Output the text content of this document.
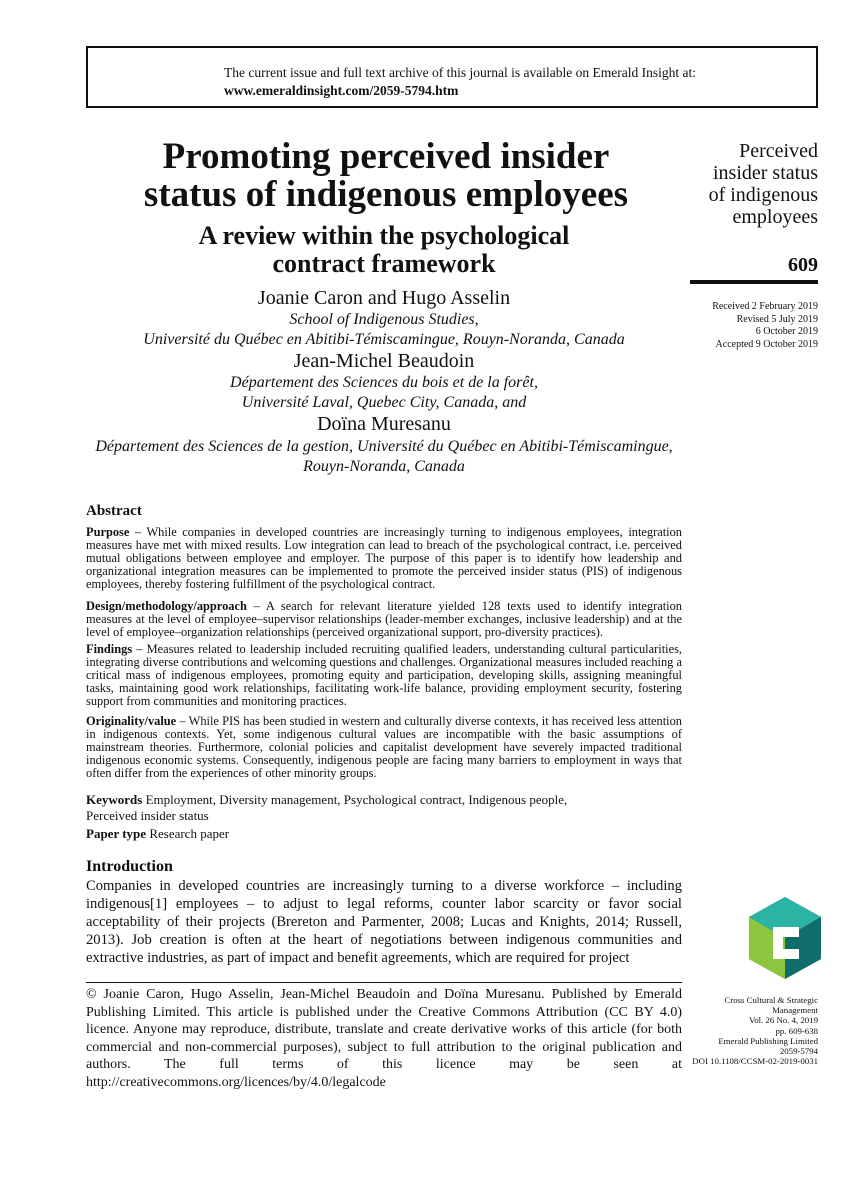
The current issue and full text archive of this journal is available on Emerald Insight at:
www.emeraldinsight.com/2059-5794.htm
Promoting perceived insider
status of indigenous employees
A review within the psychological
contract framework
Joanie Caron and Hugo Asselin
School of Indigenous Studies,
Université du Québec en Abitibi-Témiscamingue, Rouyn-Noranda, Canada
Jean-Michel Beaudoin
Département des Sciences du bois et de la forêt,
Université Laval, Quebec City, Canada, and
Doïna Muresanu
Département des Sciences de la gestion, Université du Québec en Abitibi-Témiscamingue,
Rouyn-Noranda, Canada
Perceived
insider status
of indigenous
employees
609
Received 2 February 2019
Revised 5 July 2019
6 October 2019
Accepted 9 October 2019
Abstract
Purpose – While companies in developed countries are increasingly turning to indigenous employees, integration measures have met with mixed results. Low integration can lead to breach of the psychological contract, i.e. perceived mutual obligations between employee and employer. The purpose of this paper is to identify how leadership and organizational integration measures can be implemented to promote the perceived insider status (PIS) of indigenous employees, thereby fostering fulfillment of the psychological contract.
Design/methodology/approach – A search for relevant literature yielded 128 texts used to identify integration measures at the level of employee–supervisor relationships (leader-member exchanges, inclusive leadership) and at the level of employee–organization relationships (perceived organizational support, pro-diversity practices).
Findings – Measures related to leadership included recruiting qualified leaders, understanding cultural particularities, integrating diverse contributions and welcoming questions and challenges. Organizational measures included reaching a critical mass of indigenous employees, promoting equity and participation, developing skills, assigning meaningful tasks, maintaining good work relationships, facilitating work-life balance, providing employment security, fostering support from communities and monitoring practices.
Originality/value – While PIS has been studied in western and culturally diverse contexts, it has received less attention in indigenous contexts. Yet, some indigenous cultural values are incompatible with the basic assumptions of mainstream theories. Furthermore, colonial policies and capitalist development have severely impacted traditional indigenous economic systems. Consequently, indigenous people are facing many barriers to employment in ways that often differ from the experiences of other minority groups.
Keywords Employment, Diversity management, Psychological contract, Indigenous people,
Perceived insider status
Paper type Research paper
Introduction
Companies in developed countries are increasingly turning to a diverse workforce – including indigenous[1] employees – to adjust to legal reforms, counter labor scarcity or favor social acceptability of their projects (Brereton and Parmenter, 2008; Lucas and Knights, 2014; Russell, 2013). Job creation is often at the heart of negotiations between indigenous communities and extractive industries, as part of impact and benefit agreements, which are required for project
© Joanie Caron, Hugo Asselin, Jean-Michel Beaudoin and Doïna Muresanu. Published by Emerald Publishing Limited. This article is published under the Creative Commons Attribution (CC BY 4.0) licence. Anyone may reproduce, distribute, translate and create derivative works of this article (for both commercial and non-commercial purposes), subject to full attribution to the original publication and authors. The full terms of this licence may be seen at http://creativecommons.org/licences/by/4.0/legalcode
Cross Cultural & Strategic
Management
Vol. 26 No. 4, 2019
pp. 609-638
Emerald Publishing Limited
2059-5794
DOI 10.1108/CCSM-02-2019-0031
